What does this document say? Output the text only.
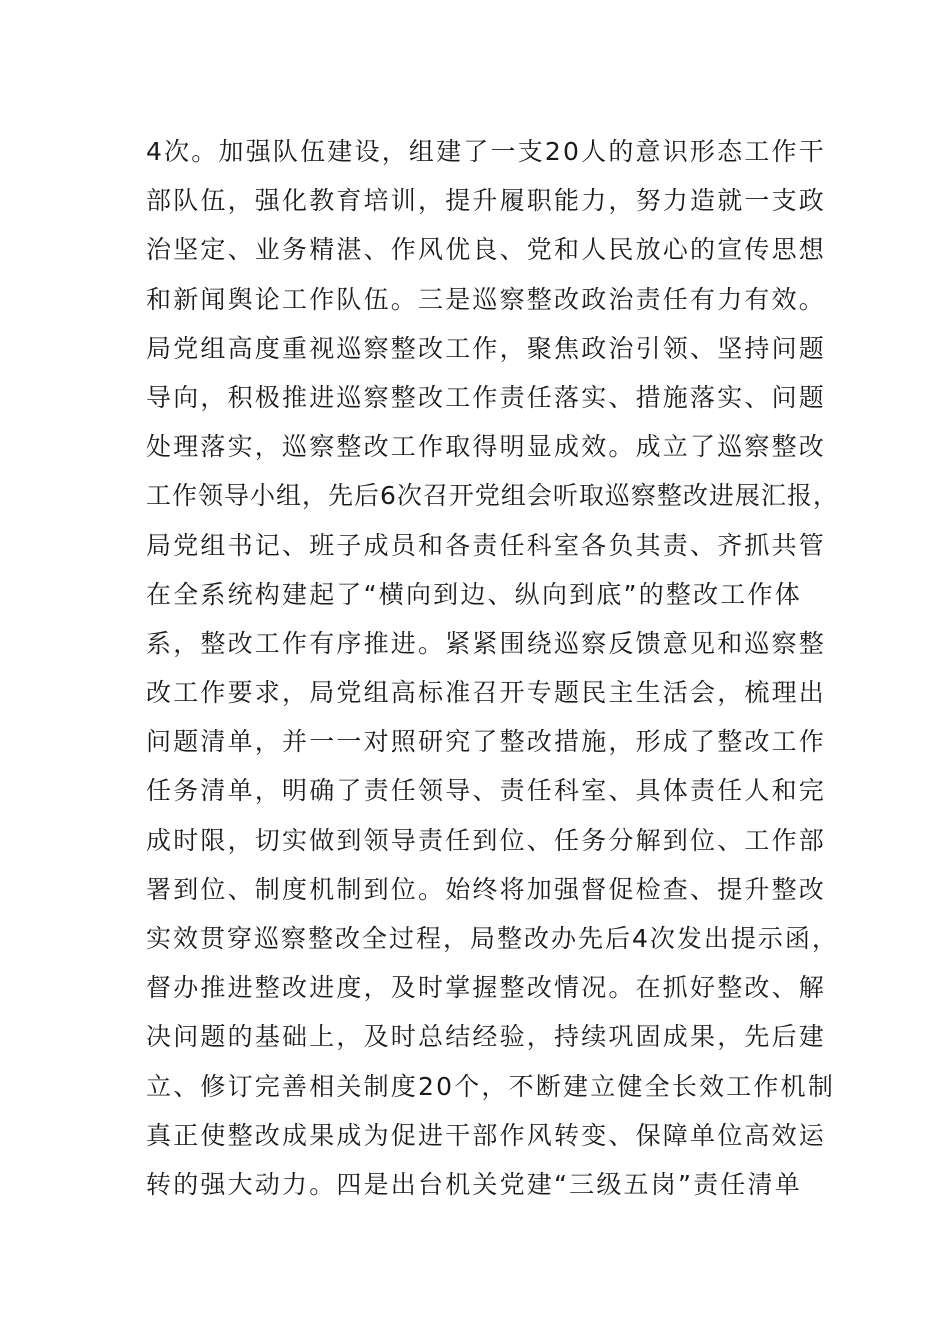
4次。加强队伍建设，组建了一支20人的意识形态工作干
部队伍，强化教育培训，提升履职能力，努力造就一支政
治坚定、业务精湛、作风优良、党和人民放心的宣传思想
和新闻舆论工作队伍。三是巡察整改政治责任有力有效。
局党组高度重视巡察整改工作，聚焦政治引领、坚持问题
导向，积极推进巡察整改工作责任落实、措施落实、问题
处理落实，巡察整改工作取得明显成效。成立了巡察整改
工作领导小组，先后6次召开党组会听取巡察整改进展汇报，
局党组书记、班子成员和各责任科室各负其责、齐抓共管
在全系统构建起了“横向到边、纵向到底”的整改工作体
系，整改工作有序推进。紧紧围绕巡察反馈意见和巡察整
改工作要求，局党组高标准召开专题民主生活会，梳理出
问题清单，并一一对照研究了整改措施，形成了整改工作
任务清单，明确了责任领导、责任科室、具体责任人和完
成时限，切实做到领导责任到位、任务分解到位、工作部
署到位、制度机制到位。始终将加强督促检查、提升整改
实效贯穿巡察整改全过程，局整改办先后4次发出提示函，
督办推进整改进度，及时掌握整改情况。在抓好整改、解
决问题的基础上，及时总结经验，持续巩固成果，先后建
立、修订完善相关制度20个，不断建立健全长效工作机制
真正使整改成果成为促进干部作风转变、保障单位高效运
转的强大动力。四是出台机关党建“三级五岗”责任清单
